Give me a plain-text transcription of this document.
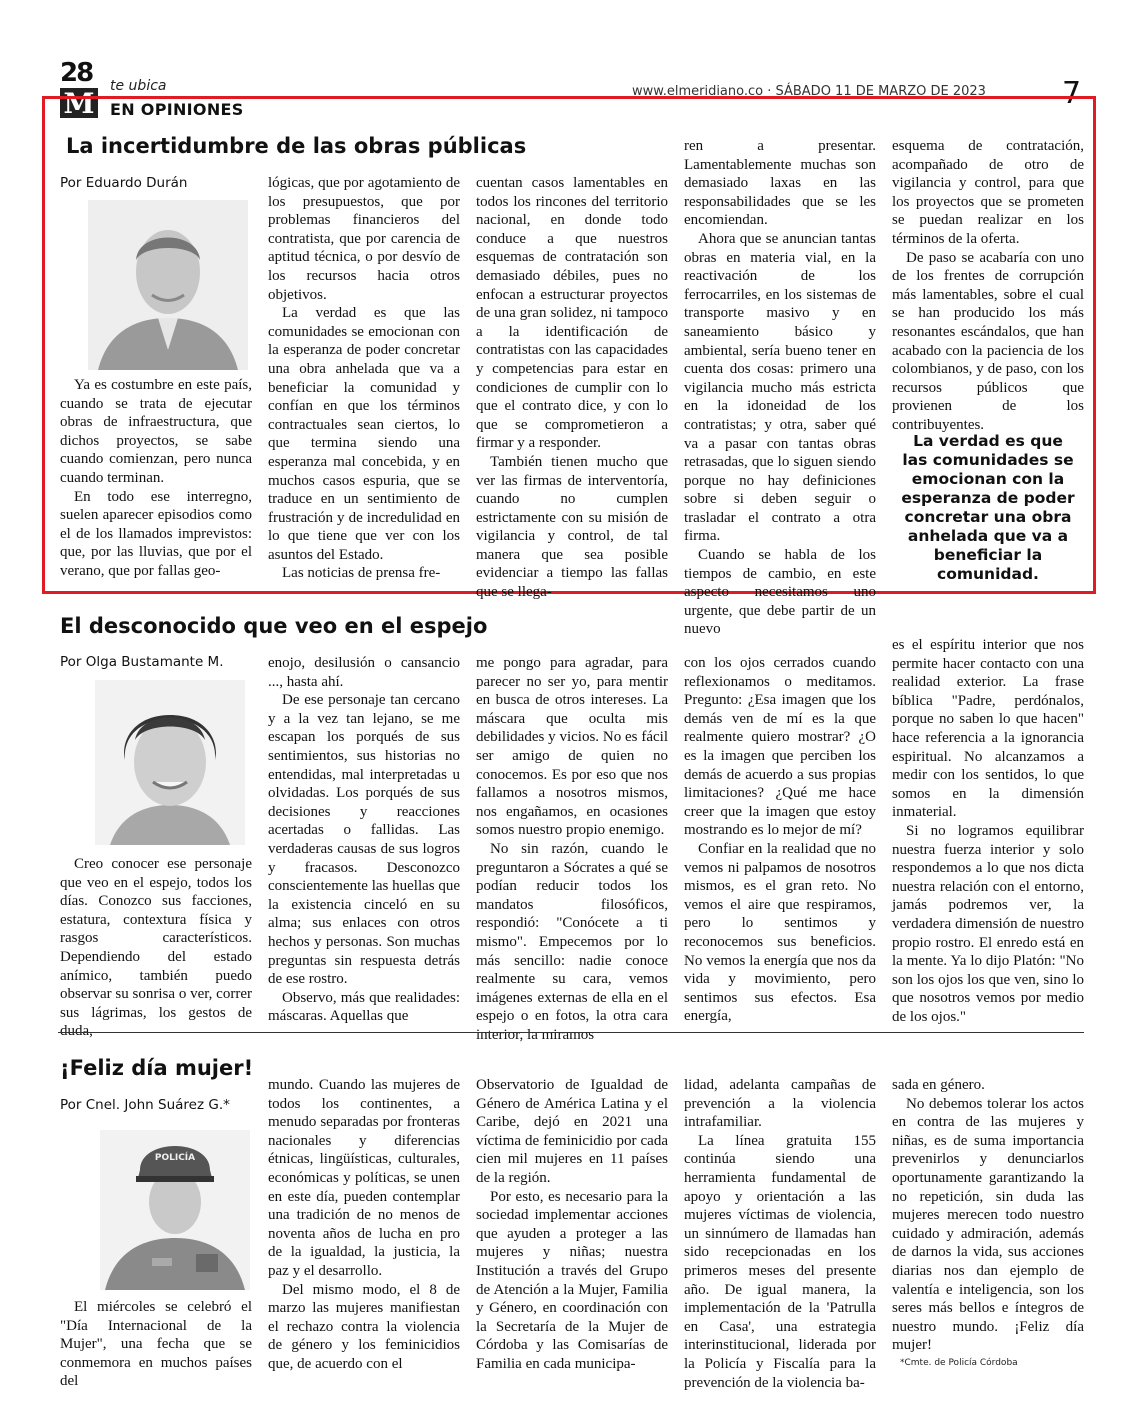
28
M
te ubica
EN OPINIONES
www.elmeridiano.co · SÁBADO 11 DE MARZO DE 2023	7
La incertidumbre de las obras públicas
Por Eduardo Durán

Ya es costumbre en este país, cuando se trata de ejecutar obras de infraestructura, que dichos proyectos, se sabe cuando comienzan, pero nunca cuando terminan.

En todo ese interregno, suelen aparecer episodios como el de los llamados imprevistos: que, por las lluvias, que por el verano, que por fallas geo-

lógicas, que por agotamiento de los presupuestos, que por problemas financieros del contratista, que por carencia de aptitud técnica, o por desvío de los recursos hacia otros objetivos.

La verdad es que las comunidades se emocionan con la esperanza de poder concretar una obra anhelada que va a beneficiar la comunidad y confían en que los términos contractuales sean ciertos, lo que termina siendo una esperanza mal concebida, y en muchos casos espuria, que se traduce en un sentimiento de frustración y de incredulidad en lo que tiene que ver con los asuntos del Estado.

Las noticias de prensa fre-

cuentan casos lamentables en todos los rincones del territorio nacional, en donde todo conduce a que nuestros esquemas de contratación son demasiado débiles, pues no enfocan a estructurar proyectos de una gran solidez, ni tampoco a la identificación de contratistas con las capacidades y competencias para estar en condiciones de cumplir con lo que el contrato dice, y con lo que se comprometieron a firmar y a responder.

También tienen mucho que ver las firmas de interventoría, cuando no cumplen estrictamente con su misión de vigilancia y control, de tal manera que sea posible evidenciar a tiempo las fallas que se llega-

ren a presentar. Lamentablemente muchas son demasiado laxas en las responsabilidades que se les encomiendan.

Ahora que se anuncian tantas obras en materia vial, en la reactivación de los ferrocarriles, en los sistemas de transporte masivo y en saneamiento básico y ambiental, sería bueno tener en cuenta dos cosas: primero una vigilancia mucho más estricta en la idoneidad de los contratistas; y otra, saber qué va a pasar con tantas obras retrasadas, que lo siguen siendo porque no hay definiciones sobre si deben seguir o trasladar el contrato a otra firma.

Cuando se habla de los tiempos de cambio, en este aspecto necesitamos uno urgente, que debe partir de un nuevo

esquema de contratación, acompañado de otro de vigilancia y control, para que los proyectos que se prometen se puedan realizar en los términos de la oferta.

De paso se acabaría con uno de los frentes de corrupción más lamentables, sobre el cual se han producido los más resonantes escándalos, que han acabado con la paciencia de los colombianos, y de paso, con los recursos públicos que provienen de los contribuyentes.

La verdad es que las comunidades se emocionan con la esperanza de poder concretar una obra anhelada que va a beneficiar la comunidad.
El desconocido que veo en el espejo
Por Olga Bustamante M.

Creo conocer ese personaje que veo en el espejo, todos los días. Conozco sus facciones, estatura, contextura física y rasgos característicos. Dependiendo del estado anímico, también puedo observar su sonrisa o ver, correr sus lágrimas, los gestos de duda,

enojo, desilusión o cansancio ..., hasta ahí.

De ese personaje tan cercano y a la vez tan lejano, se me escapan los porqués de sus sentimientos, sus historias no entendidas, mal interpretadas u olvidadas. Los porqués de sus decisiones y reacciones acertadas o fallidas. Las verdaderas causas de sus logros y fracasos. Desconozco conscientemente las huellas que la existencia cinceló en su alma; sus enlaces con otros hechos y personas. Son muchas preguntas sin respuesta detrás de ese rostro.

Observo, más que realidades: máscaras. Aquellas que

me pongo para agradar, para parecer no ser yo, para mentir en busca de otros intereses. La máscara que oculta mis debilidades y vicios. No es fácil ser amigo de quien no conocemos. Es por eso que nos fallamos a nosotros mismos, nos engañamos, en ocasiones somos nuestro propio enemigo.

No sin razón, cuando le preguntaron a Sócrates a qué se podían reducir todos los mandatos filosóficos, respondió: "Conócete a ti mismo". Empecemos por lo más sencillo: nadie conoce realmente su cara, vemos imágenes externas de ella en el espejo o en fotos, la otra cara interior, la miramos

con los ojos cerrados cuando reflexionamos o meditamos. Pregunto: ¿Esa imagen que los demás ven de mí es la que realmente quiero mostrar? ¿O es la imagen que perciben los demás de acuerdo a sus propias limitaciones? ¿Qué me hace creer que la imagen que estoy mostrando es lo mejor de mí?

Confiar en la realidad que no vemos ni palpamos de nosotros mismos, es el gran reto. No vemos el aire que respiramos, pero lo sentimos y reconocemos sus beneficios. No vemos la energía que nos da vida y movimiento, pero sentimos sus efectos. Esa energía,

es el espíritu interior que nos permite hacer contacto con una realidad exterior. La frase bíblica "Padre, perdónalos, porque no saben lo que hacen" hace referencia a la ignorancia espiritual. No alcanzamos a medir con los sentidos, lo que somos en la dimensión inmaterial.

Si no logramos equilibrar nuestra fuerza interior y solo respondemos a lo que nos dicta nuestra relación con el entorno, jamás podremos ver, la verdadera dimensión de nuestro propio rostro. El enredo está en la mente. Ya lo dijo Platón: "No son los ojos los que ven, sino lo que nosotros vemos por medio de los ojos."

¡Feliz día mujer!
Por Cnel. John Suárez G.*
POLICÍA

El miércoles se celebró el "Día Internacional de la Mujer", una fecha que se conmemora en muchos países del

mundo. Cuando las mujeres de todos los continentes, a menudo separadas por fronteras nacionales y diferencias étnicas, lingüísticas, culturales, económicas y políticas, se unen en este día, pueden contemplar una tradición de no menos de noventa años de lucha en pro de la igualdad, la justicia, la paz y el desarrollo.

Del mismo modo, el 8 de marzo las mujeres manifiestan el rechazo contra la violencia de género y los feminicidios que, de acuerdo con el

Observatorio de Igualdad de Género de América Latina y el Caribe, dejó en 2021 una víctima de feminicidio por cada cien mil mujeres en 11 países de la región.

Por esto, es necesario para la sociedad implementar acciones que ayuden a proteger a las mujeres y niñas; nuestra Institución a través del Grupo de Atención a la Mujer, Familia y Género, en coordinación con la Secretaría de la Mujer de Córdoba y las Comisarías de Familia en cada municipa-

lidad, adelanta campañas de prevención a la violencia intrafamiliar.

La línea gratuita 155 continúa siendo una herramienta fundamental de apoyo y orientación a las mujeres víctimas de violencia, un sinnúmero de llamadas han sido recepcionadas en los primeros meses del presente año. De igual manera, la implementación de la 'Patrulla en Casa', una estrategia interinstitucional, liderada por la Policía y Fiscalía para la prevención de la violencia ba-

sada en género.

No debemos tolerar los actos en contra de las mujeres y niñas, es de suma importancia prevenirlos y denunciarlos oportunamente garantizando la no repetición, sin duda las mujeres merecen todo nuestro cuidado y admiración, además de darnos la vida, sus acciones diarias nos dan ejemplo de valentía e inteligencia, son los seres más bellos e íntegros de nuestro mundo. ¡Feliz día mujer!

*Cmte. de Policía Córdoba
